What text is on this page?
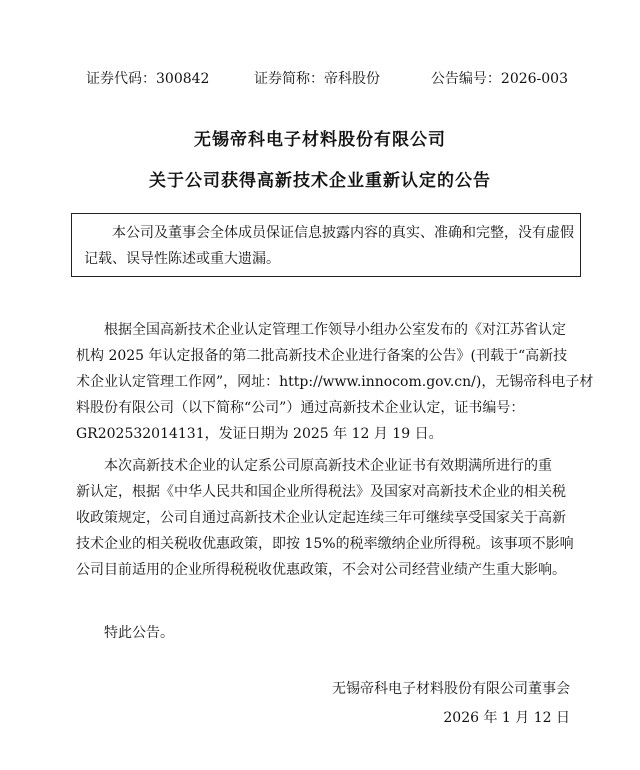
证券代码：300842	证券简称：帝科股份	公告编号：2026-003
无锡帝科电子材料股份有限公司
关于公司获得高新技术企业重新认定的公告
本公司及董事会全体成员保证信息披露内容的真实、准确和完整，没有虚假
记载、误导性陈述或重大遗漏。
根据全国高新技术企业认定管理工作领导小组办公室发布的《对江苏省认定
机构 2025 年认定报备的第二批高新技术企业进行备案的公告》(刊载于“高新技
术企业认定管理工作网”，网址：http://www.innocom.gov.cn/)，无锡帝科电子材
料股份有限公司（以下简称“公司”）通过高新技术企业认定，证书编号：
GR202532014131，发证日期为 2025 年 12 月 19 日。
本次高新技术企业的认定系公司原高新技术企业证书有效期满所进行的重
新认定，根据《中华人民共和国企业所得税法》及国家对高新技术企业的相关税
收政策规定，公司自通过高新技术企业认定起连续三年可继续享受国家关于高新
技术企业的相关税收优惠政策，即按 15%的税率缴纳企业所得税。该事项不影响
公司目前适用的企业所得税税收优惠政策，不会对公司经营业绩产生重大影响。
特此公告。
无锡帝科电子材料股份有限公司董事会
2026 年 1 月 12 日
